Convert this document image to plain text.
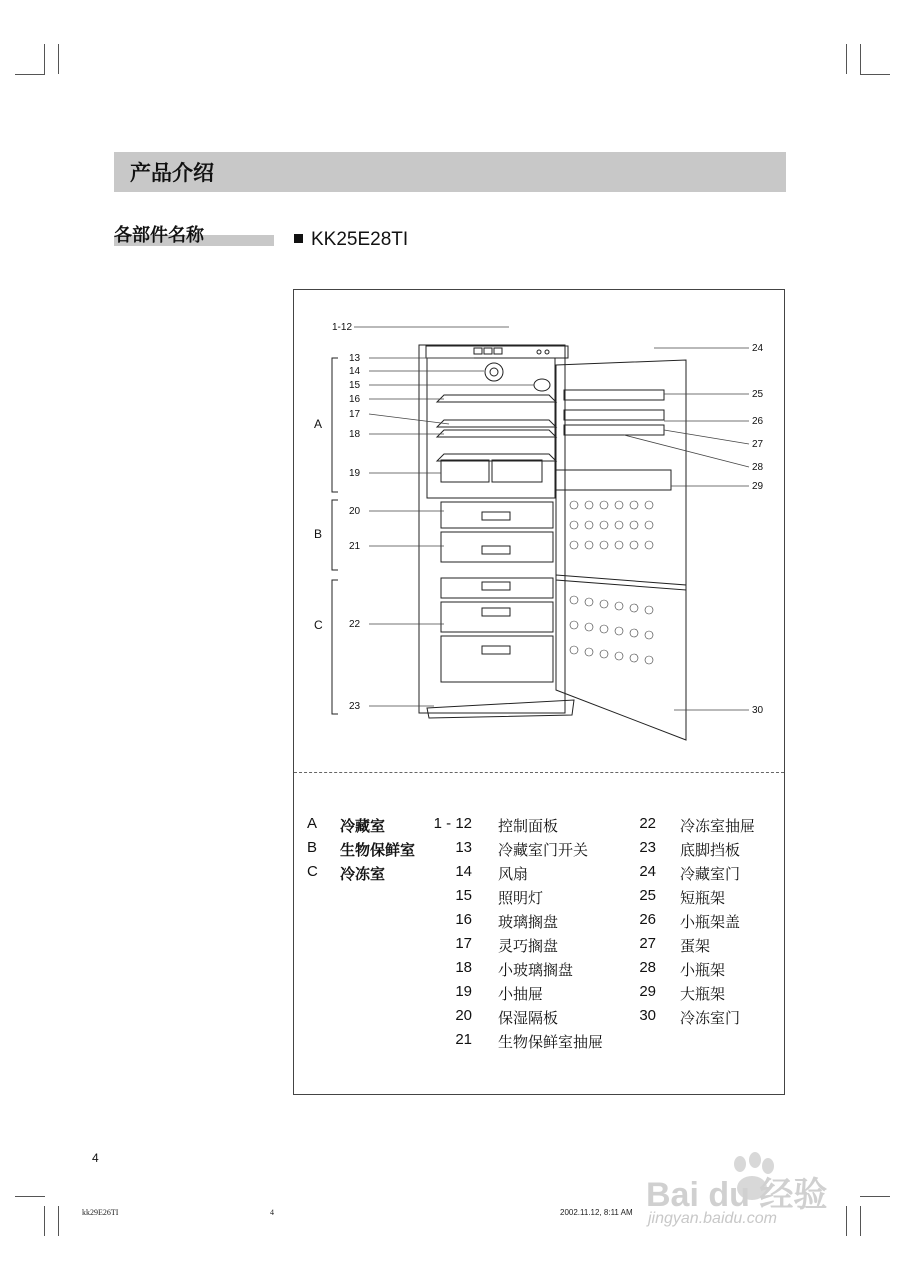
产品介绍
各部件名称	KK25E28TI
1-12
13
14
15
16
17
18
19
20
21
22
23
24
25
26
27
28
29
30
A
B
C
A 冷藏室
B 生物保鲜室
C 冷冻室
1 - 12 控制面板
13 冷藏室门开关
14 风扇
15 照明灯
16 玻璃搁盘
17 灵巧搁盘
18 小玻璃搁盘
19 小抽屉
20 保湿隔板
21 生物保鲜室抽屉
22 冷冻室抽屉
23 底脚挡板
24 冷藏室门
25 短瓶架
26 小瓶架盖
27 蛋架
28 小瓶架
29 大瓶架
30 冷冻室门
4
kk29E26TI	4	2002.11.12, 8:11 AM Bai du 经验
jingyan.baidu.com
